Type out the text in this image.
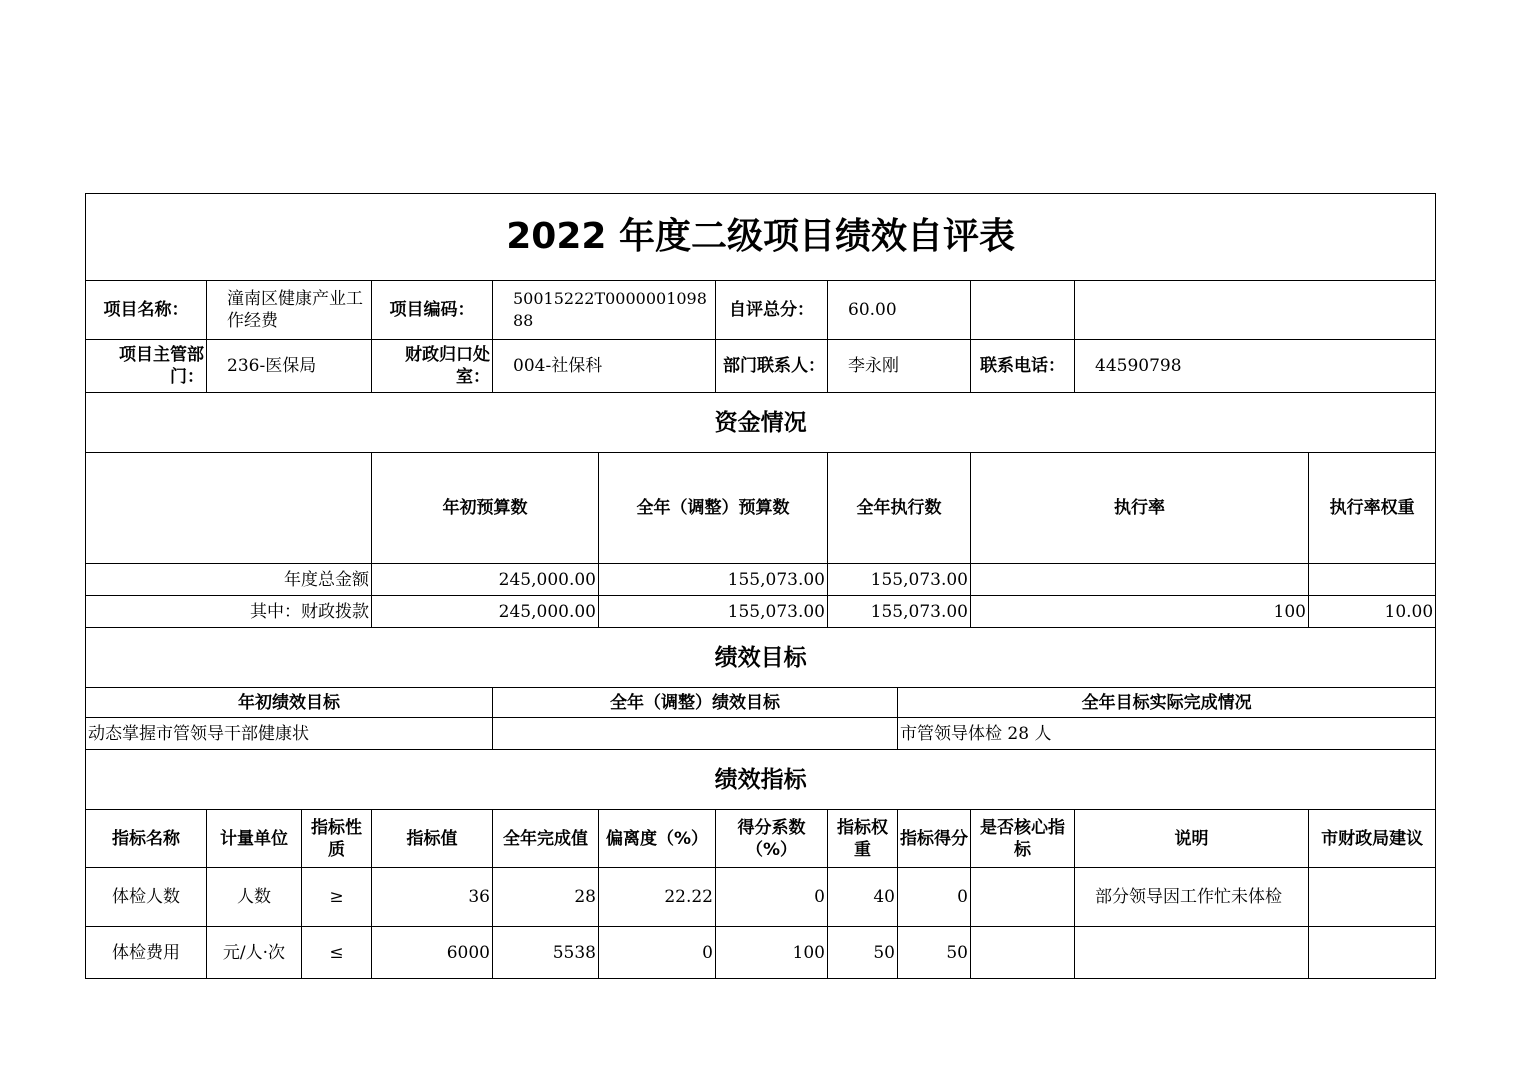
2022 年度二级项目绩效自评表												
项目名称：	潼南区健康产业工作经费		项目编码：	50015222T000000109888		自评总分：	60.00					
项目主管部门：	236-医保局		财政归口处室：	004-社保科		部门联系人：	李永刚		联系电话：	44590798		
资金情况												
			年初预算数		全年（调整）预算数		全年执行数		执行率		执行率权重	
年度总金额			245,000.00		155,073.00		155,073.00					
其中：财政拨款			245,000.00		155,073.00		155,073.00		100		10.00	
绩效目标												
年初绩效目标				全年（调整）绩效目标				全年目标实际完成情况				
动态掌握市管领导干部健康状								市管领导体检 28 人				
绩效指标												
指标名称	计量单位	指标性质	指标值	全年完成值	偏离度（%）	得分系数（%）	指标权重	指标得分	是否核心指标	说明	市财政局建议	
体检人数	人数	≥	36	28	22.22	0	40	0		部分领导因工作忙未体检		
体检费用	元/人·次	≤	6000	5538	0	100	50	50				
